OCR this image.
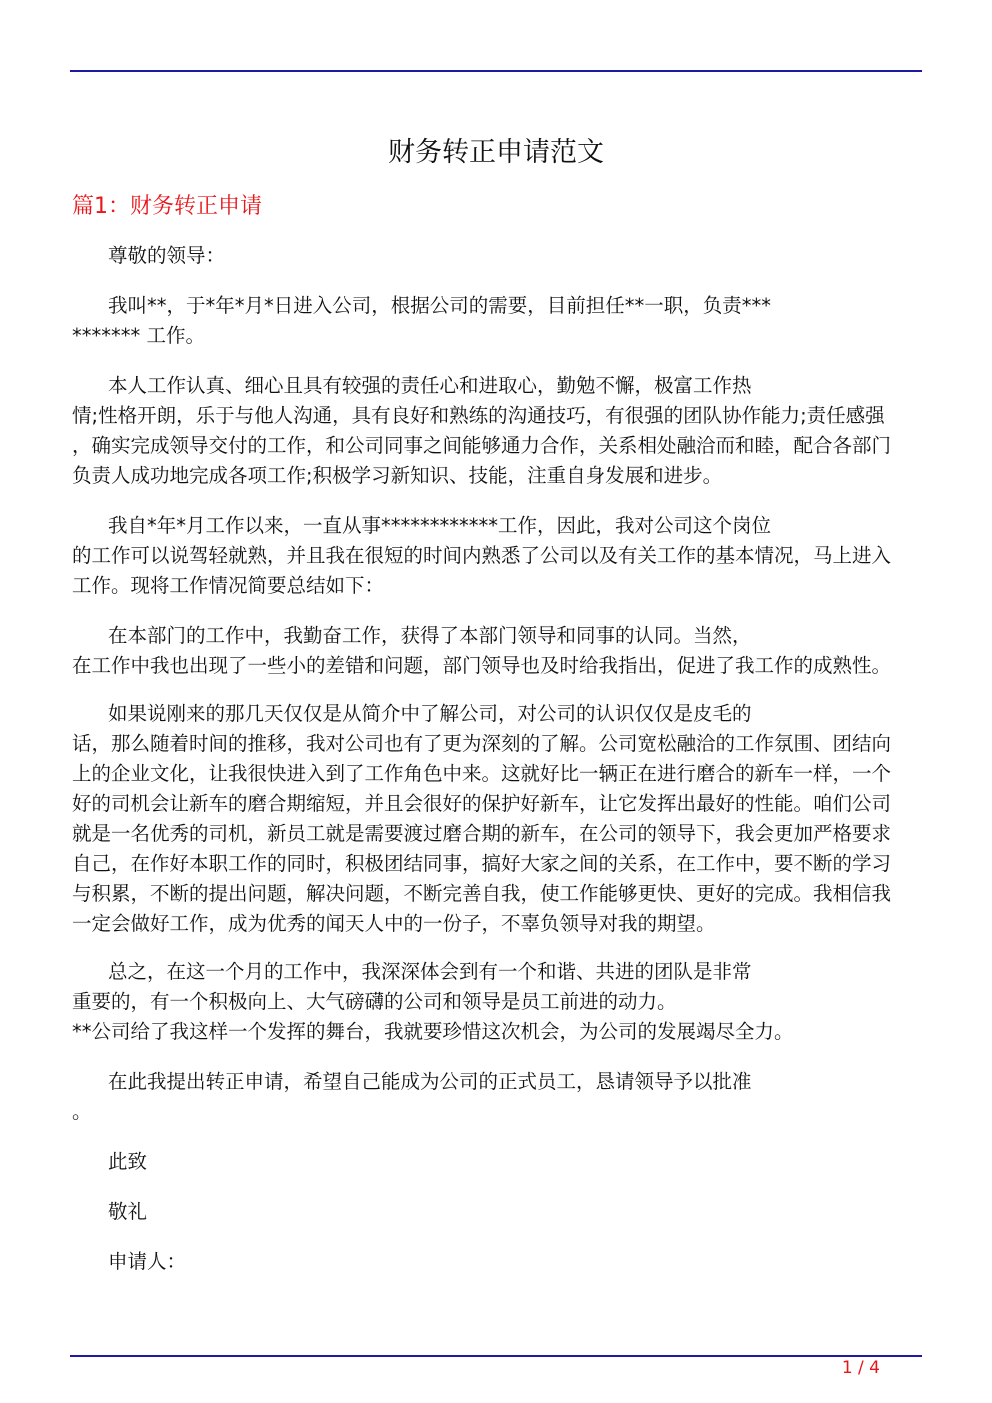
财务转正申请范文
篇1：财务转正申请
尊敬的领导：
我叫**，于*年*月*日进入公司，根据公司的需要，目前担任**一职，负责***
******* 工作。
本人工作认真、细心且具有较强的责任心和进取心，勤勉不懈，极富工作热
情;性格开朗，乐于与他人沟通，具有良好和熟练的沟通技巧，有很强的团队协作能力;责任感强
，确实完成领导交付的工作，和公司同事之间能够通力合作，关系相处融洽而和睦，配合各部门
负责人成功地完成各项工作;积极学习新知识、技能，注重自身发展和进步。
我自*年*月工作以来，一直从事************工作，因此，我对公司这个岗位
的工作可以说驾轻就熟，并且我在很短的时间内熟悉了公司以及有关工作的基本情况，马上进入
工作。现将工作情况简要总结如下：
在本部门的工作中，我勤奋工作，获得了本部门领导和同事的认同。当然，
在工作中我也出现了一些小的差错和问题，部门领导也及时给我指出，促进了我工作的成熟性。
如果说刚来的那几天仅仅是从简介中了解公司，对公司的认识仅仅是皮毛的
话，那么随着时间的推移，我对公司也有了更为深刻的了解。公司宽松融洽的工作氛围、团结向
上的企业文化，让我很快进入到了工作角色中来。这就好比一辆正在进行磨合的新车一样，一个
好的司机会让新车的磨合期缩短，并且会很好的保护好新车，让它发挥出最好的性能。咱们公司
就是一名优秀的司机，新员工就是需要渡过磨合期的新车，在公司的领导下，我会更加严格要求
自己，在作好本职工作的同时，积极团结同事，搞好大家之间的关系，在工作中，要不断的学习
与积累，不断的提出问题，解决问题，不断完善自我，使工作能够更快、更好的完成。我相信我
一定会做好工作，成为优秀的闻天人中的一份子，不辜负领导对我的期望。
总之，在这一个月的工作中，我深深体会到有一个和谐、共进的团队是非常
重要的，有一个积极向上、大气磅礴的公司和领导是员工前进的动力。
**公司给了我这样一个发挥的舞台，我就要珍惜这次机会，为公司的发展竭尽全力。
在此我提出转正申请，希望自己能成为公司的正式员工，恳请领导予以批准
。
此致
敬礼
申请人：
1 / 4
